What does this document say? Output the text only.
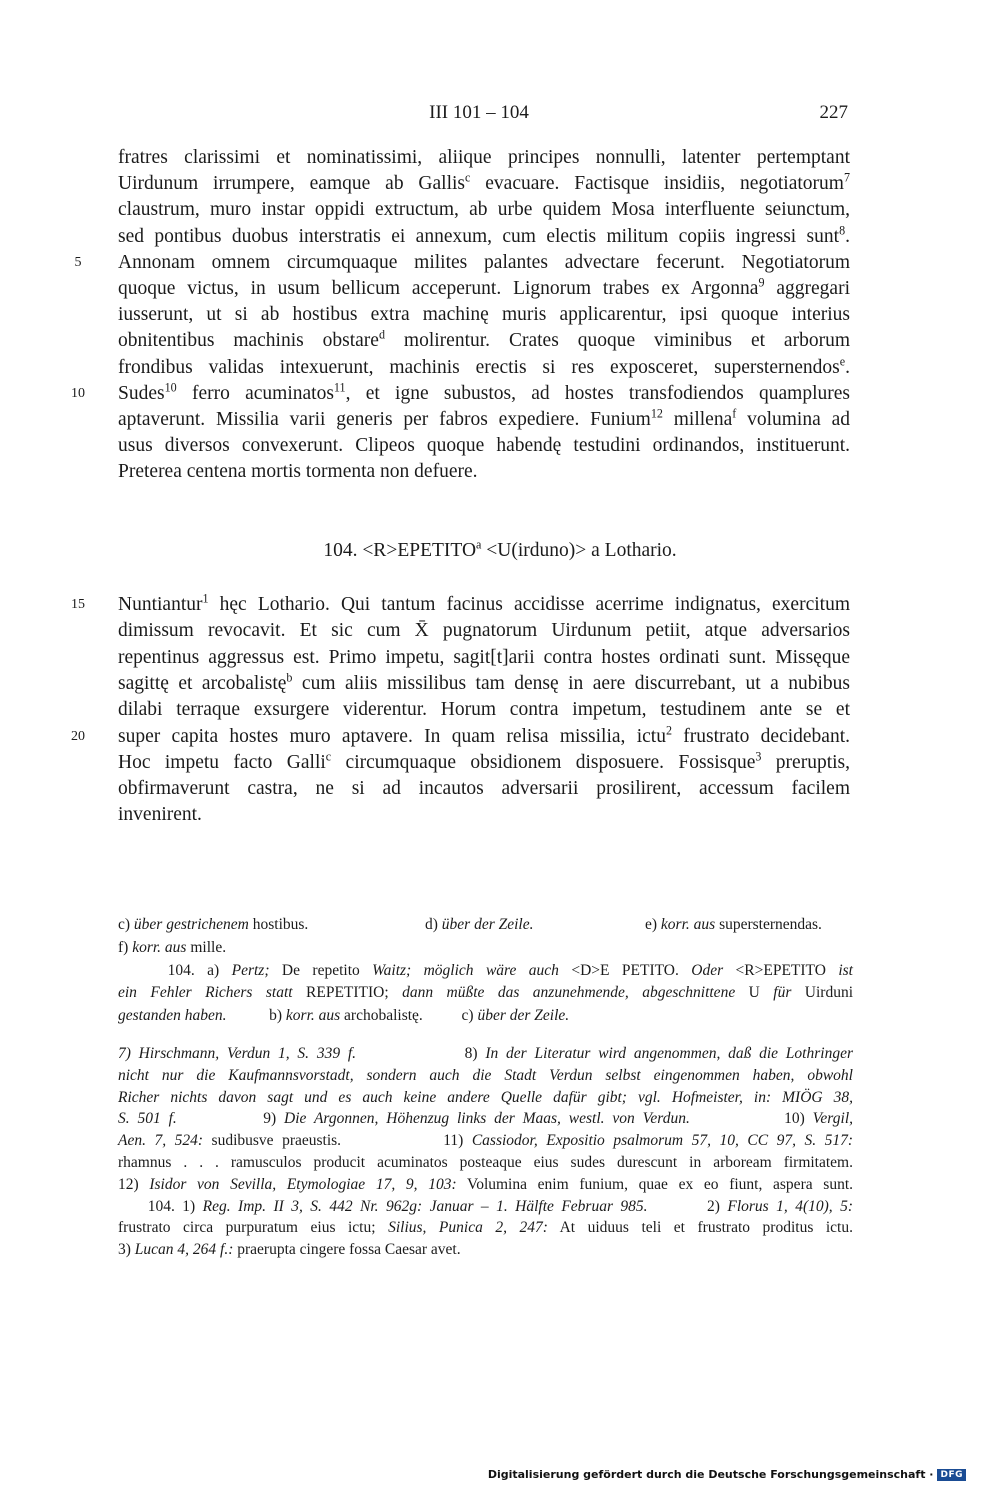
III 101 – 104	227
fratres clarissimi et nominatissimi, aliique principes nonnulli, latenter pertemptant
Uirdunum irrumpere, eamque ab Gallis$^c$ evacuare. Factisque insidiis, negotiatorum$^7$
claustrum, muro instar oppidi extructum, ab urbe quidem Mosa interfluente seiunctum,
sed pontibus duobus interstratis ei annexum, cum electis militum copiis ingressi sunt$^8$.
Annonam omnem circumquaque milites palantes advectare fecerunt. Negotiatorum
5
quoque victus, in usum bellicum acceperunt. Lignorum trabes ex Argonna$^9$ aggregari
iusserunt, ut si ab hostibus extra machinę muris applicarentur, ipsi quoque interius
obnitentibus machinis obstare$^d$ molirentur. Crates quoque viminibus et arborum
frondibus validas intexuerunt, machinis erectis si res exposceret, supersternendos$^e$.
Sudes$^{10}$ ferro acuminatos$^{11}$, et igne subustos, ad hostes transfodiendos quamplures
10
aptaverunt. Missilia varii generis per fabros expediere. Funium$^{12}$ millena$^f$ volumina ad
usus diversos convexerunt. Clipeos quoque habendę testudini ordinandos, instituerunt.
Preterea centena mortis tormenta non defuere.
104. $<R>EPETITO^a$ <U(irduno)> a Lothario.
Nuntiantur$^1$ hęc Lothario. Qui tantum facinus accidisse acerrime indignatus, exercitum
15
dimissum revocavit. Et sic cum X̄ pugnatorum Uirdunum petiit, atque adversarios
repentinus aggressus est. Primo impetu, sagit[t]arii contra hostes ordinati sunt. Missęque
sagittę et arcobalistę$^b$ cum aliis missilibus tam densę in aere discurrebant, ut a nubibus
dilabi terraque exsurgere viderentur. Horum contra impetum, testudinem ante se et
super capita hostes muro aptavere. In quam relisa missilia, ictu$^2$ frustrato decidebant.
20
Hoc impetu facto Galli$^c$ circumquaque obsidionem disposuere. Fossisque$^3$ preruptis,
obfirmaverunt castra, ne si ad incautos adversarii prosilirent, accessum facilem
invenirent.
c) über gestrichenem hostibus.	d) über der Zeile.	e) korr. aus supersternendas.
f) korr. aus mille.
104. a) Pertz; De repetito Waitz; möglich wäre auch <D>E PETITO. Oder <R>EPETITO ist
ein Fehler Richers statt REPETITIO; dann müßte das anzunehmende, abgeschnittene U für Uirduni
gestanden haben.           b) korr. aus archobalistę.          c) über der Zeile.
7) Hirschmann, Verdun 1, S. 339 f.              8) In der Literatur wird angenommen, daß die Lothringer
nicht nur die Kaufmannsvorstadt, sondern auch die Stadt Verdun selbst eingenommen haben, obwohl
Richer nichts davon sagt und es auch keine andere Quelle dafür gibt; vgl. Hofmeister, in: MIÖG 38,
S. 501 f.           9) Die Argonnen, Höhenzug links der Maas, westl. von Verdun.            10) Vergil,
Aen. 7, 524: sudibusve praeustis.            11) Cassiodor, Expositio psalmorum 57, 10, CC 97, S. 517:
rhamnus . . . ramusculos producit acuminatos posteaque eius sudes durescunt in arboream firmitatem.
12) Isidor von Sevilla, Etymologiae 17, 9, 103: Volumina enim funium, quae ex eo fiunt, aspera sunt.
104. 1) Reg. Imp. II 3, S. 442 Nr. 962g: Januar – 1. Hälfte Februar 985.        2) Florus 1, 4(10), 5:
frustrato circa purpuratum eius ictu; Silius, Punica 2, 247: At uiduus teli et frustrato proditus ictu.
3) Lucan 4, 264 f.: praerupta cingere fossa Caesar avet.
Digitalisierung gefördert durch die Deutsche Forschungsgemeinschaft · DFG
